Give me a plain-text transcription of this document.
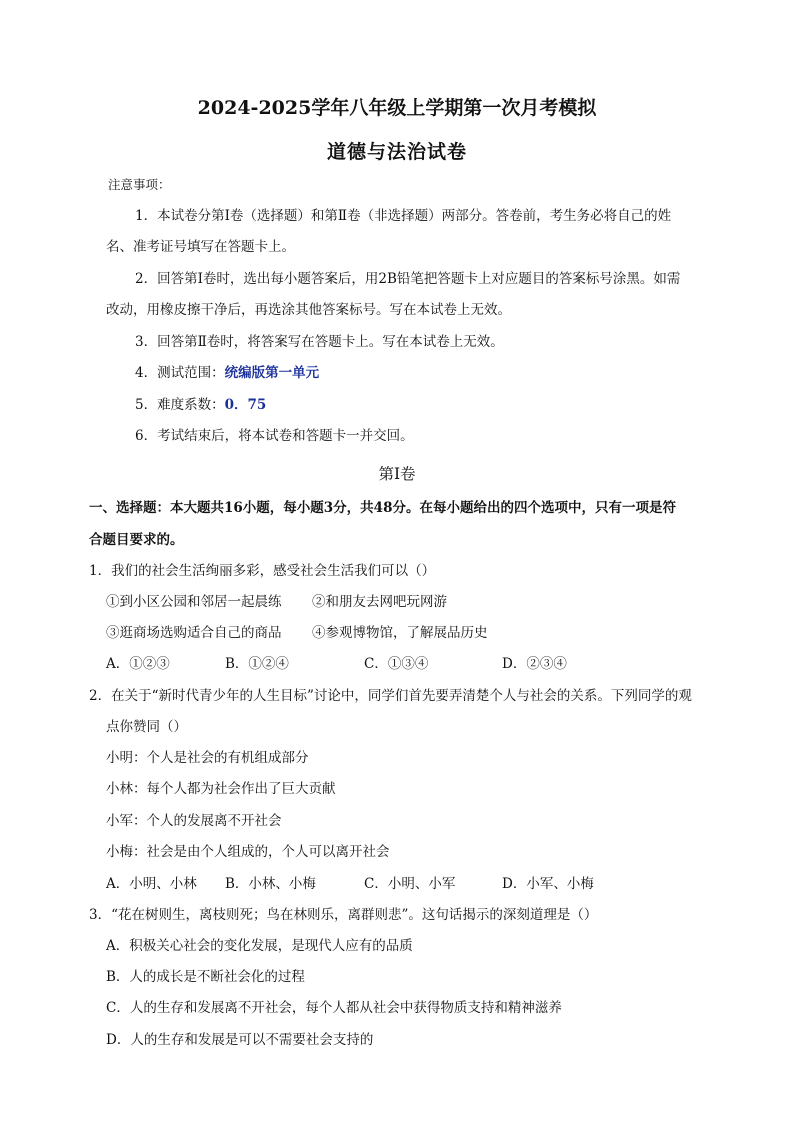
2024-2025学年八年级上学期第一次月考模拟
道德与法治试卷
注意事项：
1．本试卷分第Ⅰ卷（选择题）和第Ⅱ卷（非选择题）两部分。答卷前，考生务必将自己的姓
名、准考证号填写在答题卡上。
2．回答第Ⅰ卷时，选出每小题答案后，用2B铅笔把答题卡上对应题目的答案标号涂黑。如需
改动，用橡皮擦干净后，再选涂其他答案标号。写在本试卷上无效。
3．回答第Ⅱ卷时，将答案写在答题卡上。写在本试卷上无效。
4．测试范围：统编版第一单元
5．难度系数：0．75
6．考试结束后，将本试卷和答题卡一并交回。
第Ⅰ卷
一、选择题：本大题共16小题，每小题3分，共48分。在每小题给出的四个选项中，只有一项是符
合题目要求的。
1．我们的社会生活绚丽多彩，感受社会生活我们可以（）
①到小区公园和邻居一起晨练 ②和朋友去网吧玩网游
③逛商场选购适合自己的商品 ④参观博物馆，了解展品历史
A．①②③	B．①②④	C．①③④	D．②③④
2．在关于“新时代青少年的人生目标”讨论中，同学们首先要弄清楚个人与社会的关系。下列同学的观
点你赞同（）
小明：个人是社会的有机组成部分
小林：每个人都为社会作出了巨大贡献
小军：个人的发展离不开社会
小梅：社会是由个人组成的，个人可以离开社会
A．小明、小林 B．小林、小梅	C．小明、小军	D．小军、小梅
3．“花在树则生，离枝则死；鸟在林则乐，离群则悲”。这句话揭示的深刻道理是（）
A．积极关心社会的变化发展，是现代人应有的品质
B．人的成长是不断社会化的过程
C．人的生存和发展离不开社会，每个人都从社会中获得物质支持和精神滋养
D．人的生存和发展是可以不需要社会支持的
